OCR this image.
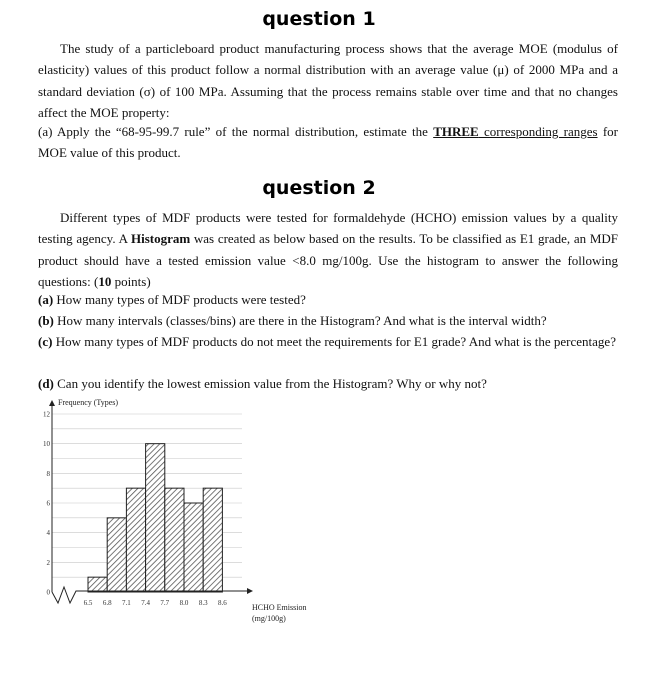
question 1

The study of a particleboard product manufacturing process shows that the average MOE (modulus of elasticity) values of this product follow a normal distribution with an average value (μ) of 2000 MPa and a standard deviation (σ) of 100 MPa. Assuming that the process remains stable over time and that no changes affect the MOE property:

(a) Apply the “68-95-99.7 rule” of the normal distribution, estimate the THREE corresponding ranges for MOE value of this product.

question 2

Different types of MDF products were tested for formaldehyde (HCHO) emission values by a quality testing agency. A Histogram was created as below based on the results. To be classified as E1 grade, an MDF product should have a tested emission value <8.0 mg/100g. Use the histogram to answer the following questions: (10 points)

(a) How many types of MDF products were tested?

(b) How many intervals (classes/bins) are there in the Histogram? And what is the interval width?

(c) How many types of MDF products do not meet the requirements for E1 grade? And what is the percentage?

(d) Can you identify the lowest emission value from the Histogram? Why or why not?

0
2
4
6
8
10
12
6.5 6.8 7.1 7.4 7.7 8.0 8.3 8.6
Frequency (Types)
HCHO Emission
(mg/100g)
